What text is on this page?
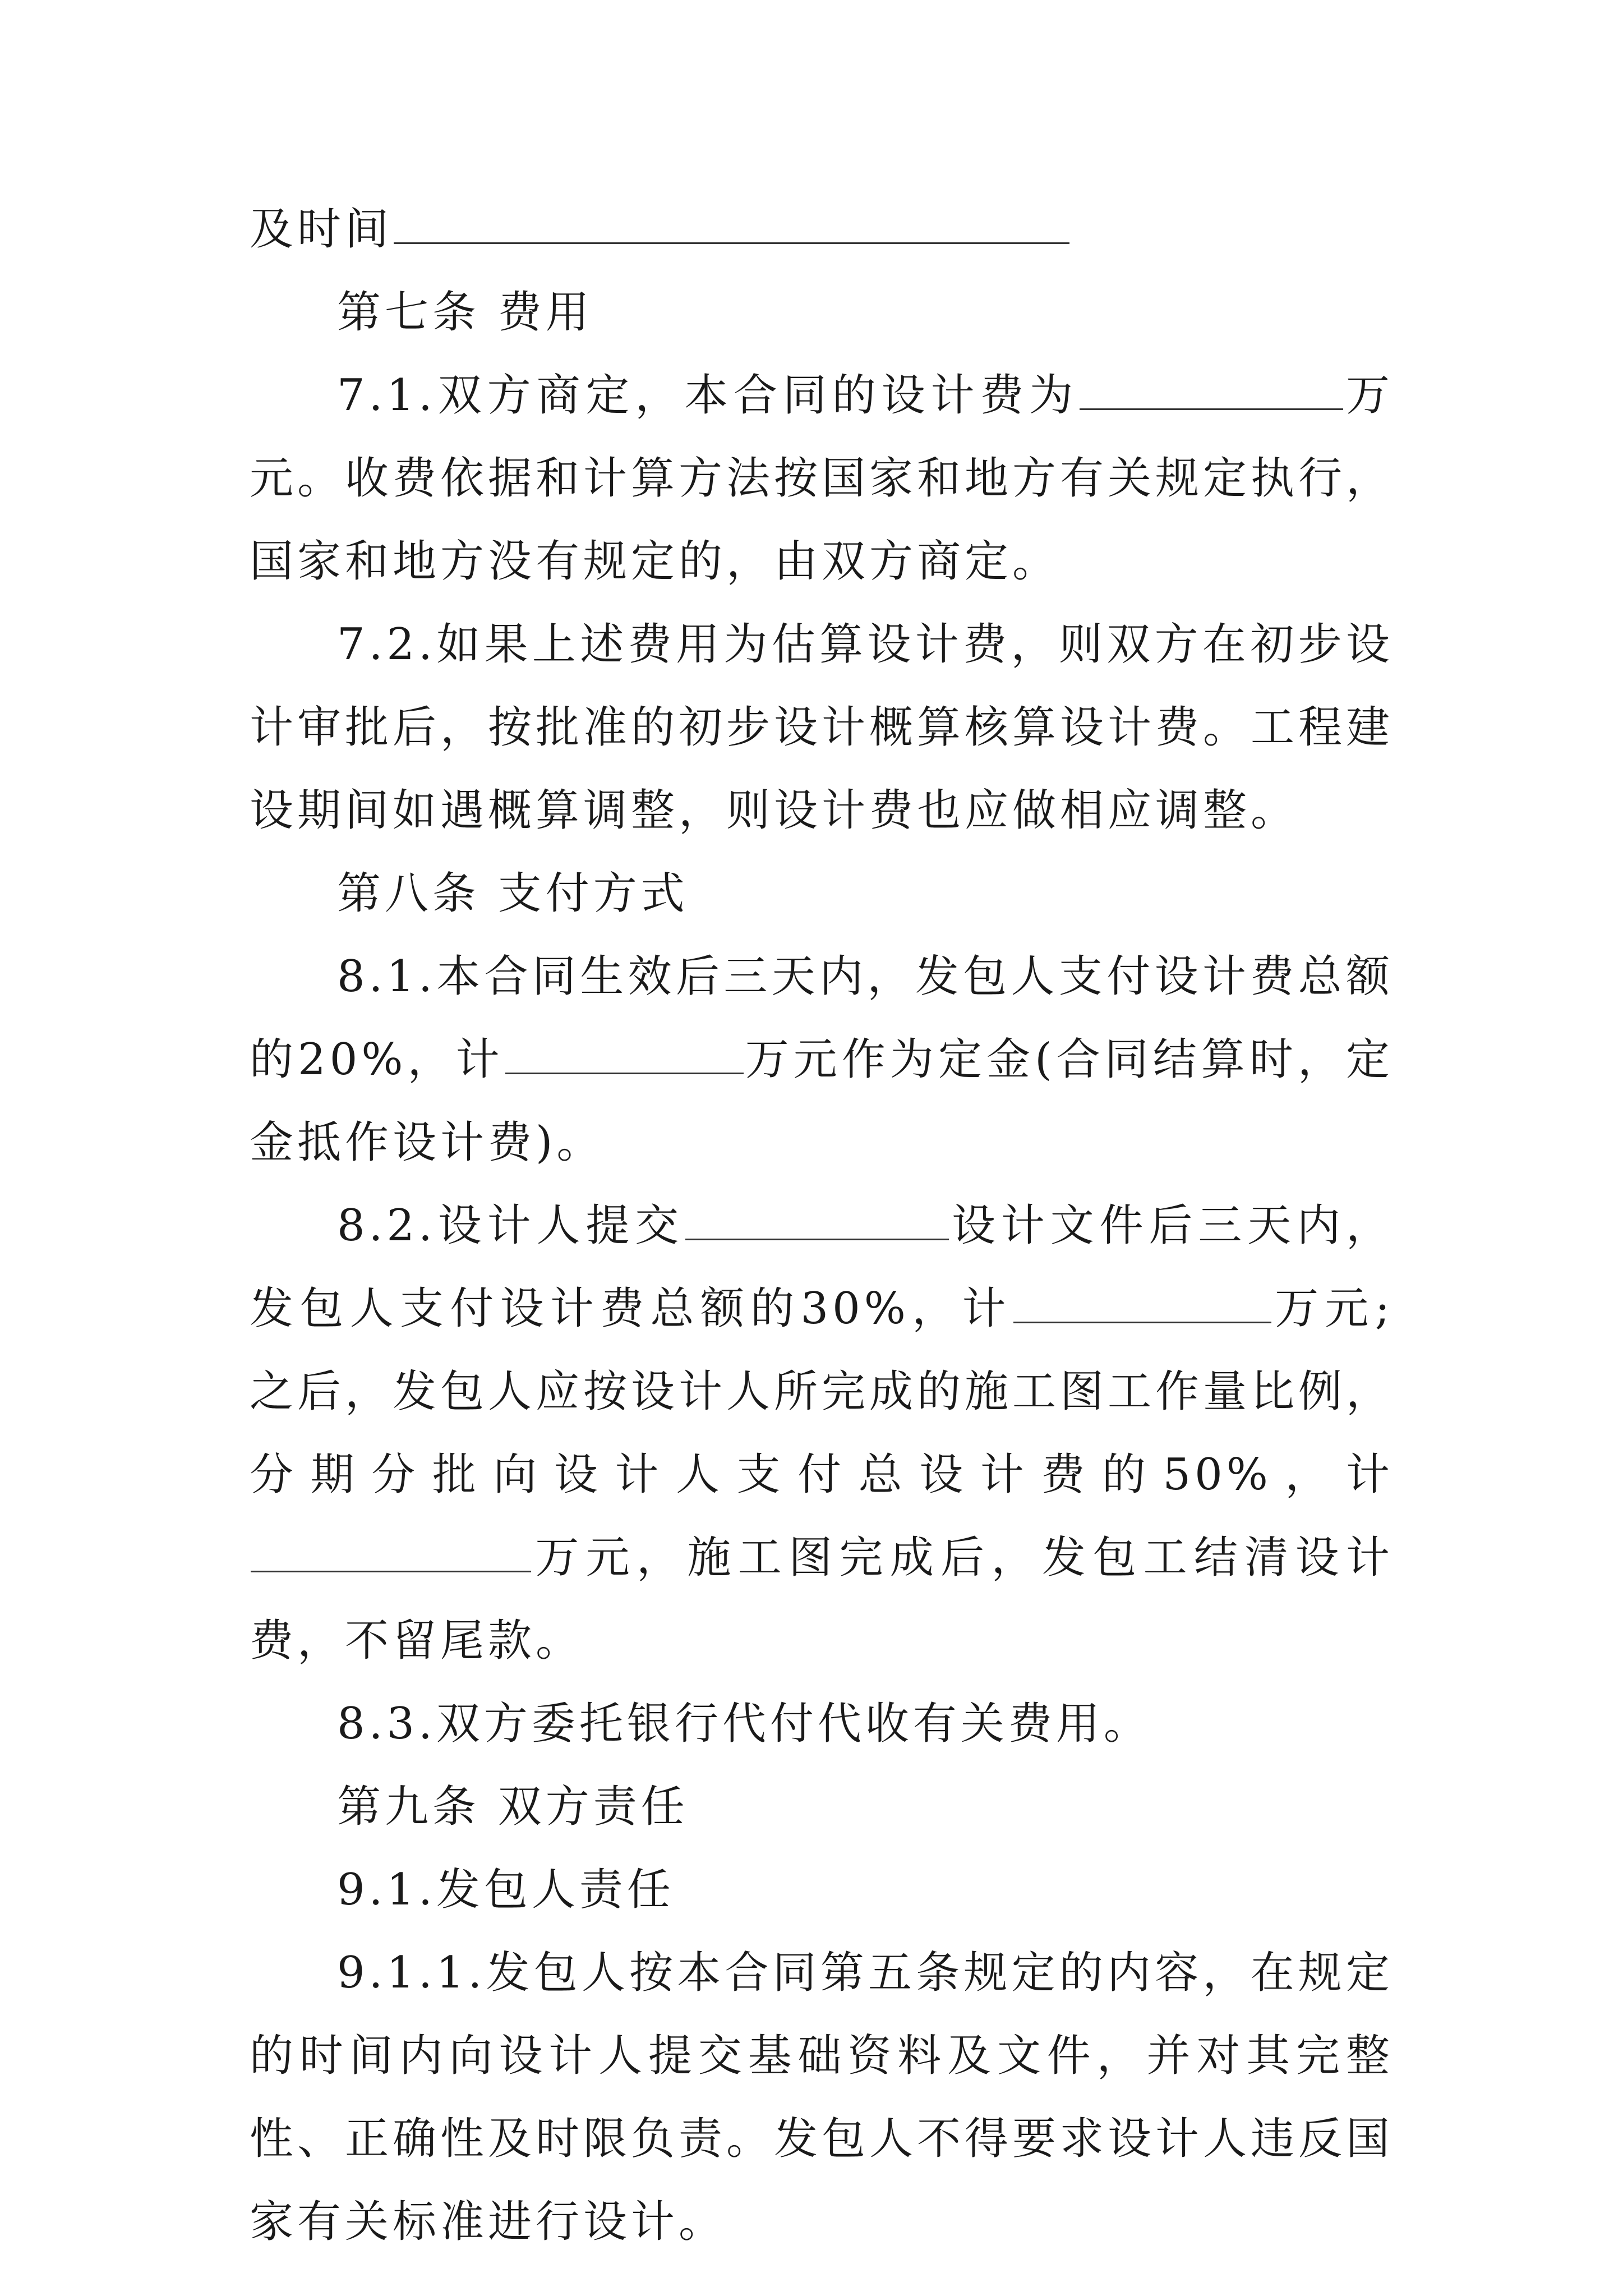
及时间

第七条 费用

7.1.双方商定，本合同的设计费为	万元。收费依据和计算方法按国家和地方有关规定执行，国家和地方没有规定的，由双方商定。

7.2.如果上述费用为估算设计费，则双方在初步设计审批后，按批准的初步设计概算核算设计费。工程建设期间如遇概算调整，则设计费也应做相应调整。

第八条 支付方式

8.1.本合同生效后三天内，发包人支付设计费总额的20%，计	万元作为定金(合同结算时，定金抵作设计费)。

8.2.设计人提交	设计文件后三天内，发包人支付设计费总额的30%，计	万元;之后，发包人应按设计人所完成的施工图工作量比例，分期分批向设计人支付总设计费的50%，计万元，施工图完成后，发包工结清设计费，不留尾款。

8.3.双方委托银行代付代收有关费用。

第九条 双方责任

9.1.发包人责任

9.1.1.发包人按本合同第五条规定的内容，在规定的时间内向设计人提交基础资料及文件，并对其完整性、正确性及时限负责。发包人不得要求设计人违反国家有关标准进行设计。
